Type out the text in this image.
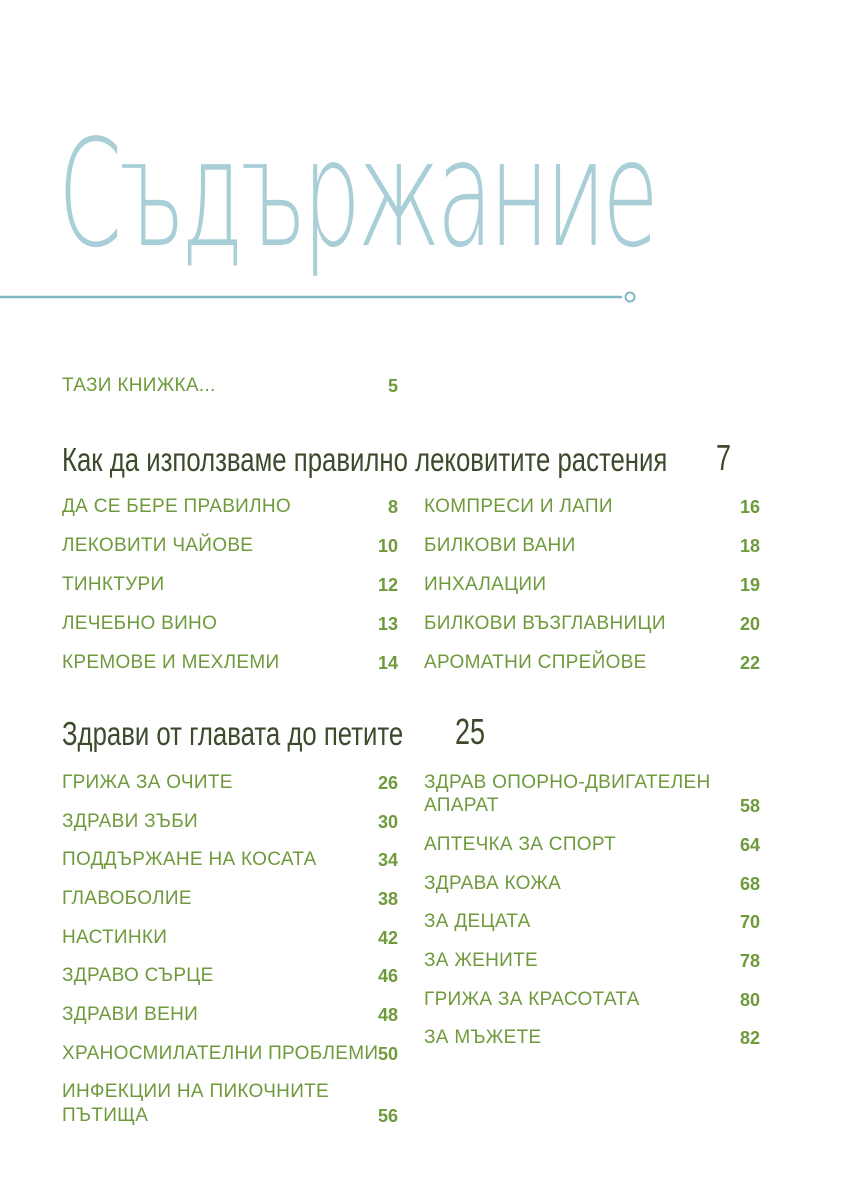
Съдържание
ТАЗИ КНИЖКА...	5
Как да използваме правилно лековитите растения 7
ДА СЕ БЕРЕ ПРАВИЛНО	8
ЛЕКОВИТИ ЧАЙОВЕ	10
ТИНКТУРИ	12
ЛЕЧЕБНО ВИНО	13
КРЕМОВЕ И МЕХЛЕМИ	14
КОМПРЕСИ И ЛАПИ	16
БИЛКОВИ ВАНИ	18
ИНХАЛАЦИИ	19
БИЛКОВИ ВЪЗГЛАВНИЦИ	20
АРОМАТНИ СПРЕЙОВЕ	22
Здрави от главата до петите 25
ГРИЖА ЗА ОЧИТЕ	26
ЗДРАВИ ЗЪБИ	30
ПОДДЪРЖАНЕ НА КОСАТА	34
ГЛАВОБОЛИЕ	38
НАСТИНКИ	42
ЗДРАВО СЪРЦЕ	46
ЗДРАВИ ВЕНИ	48
ХРАНОСМИЛАТЕЛНИ ПРОБЛЕМИ 50
ИНФЕКЦИИ НА ПИКОЧНИТЕ
ПЪТИЩА	56
ЗДРАВ ОПОРНО-ДВИГАТЕЛЕН
АПАРАТ	58
АПТЕЧКА ЗА СПОРТ	64
ЗДРАВА КОЖА	68
ЗА ДЕЦАТА	70
ЗА ЖЕНИТЕ	78
ГРИЖА ЗА КРАСОТАТА	80
ЗА МЪЖЕТЕ	82
